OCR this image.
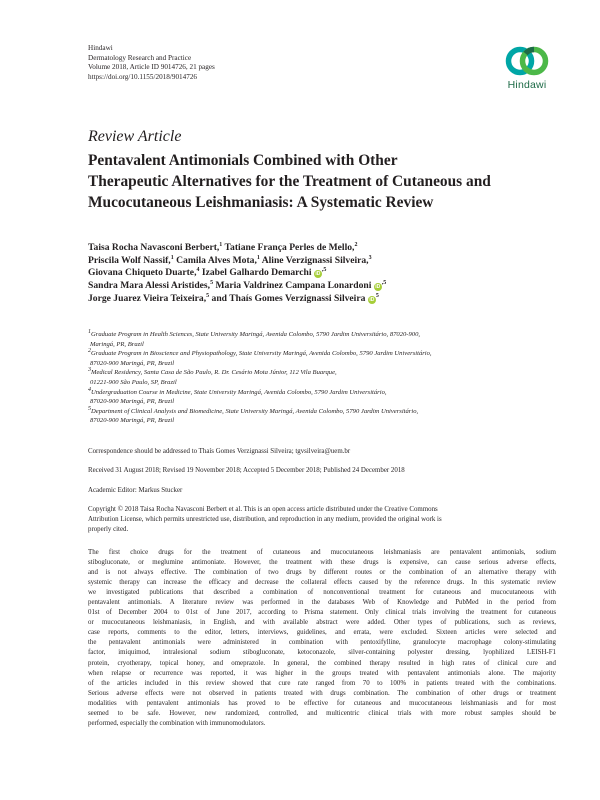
Hindawi
Dermatology Research and Practice
Volume 2018, Article ID 9014726, 21 pages
https://doi.org/10.1155/2018/9014726
Hindawi
Review Article
Pentavalent Antimonials Combined with Other
Therapeutic Alternatives for the Treatment of Cutaneous and
Mucocutaneous Leishmaniasis: A Systematic Review
Taisa Rocha Navasconi Berbert,$^1$ Tatiane França Perles de Mello,$^2$
Priscila Wolf Nassif,$^1$ Camila Alves Mota,$^1$ Aline Verzignassi Silveira,$^3$
Giovana Chiqueto Duarte,$^4$ Izabel Galhardo Demarchi $iD^{,5}$
Sandra Mara Alessi Aristides,$^5$ Maria Valdrinez Campana Lonardoni $iD^{,5}$
Jorge Juarez Vieira Teixeira,$^5$ and Thaís Gomes Verzignassi Silveira $iD^5$
$^1$Graduate Program in Health Sciences, State University Maringá, Avenida Colombo, 5790 Jardim Universitário, 87020-900,
Maringá, PR, Brazil
$^2$Graduate Program in Bioscience and Physiopathology, State University Maringá, Avenida Colombo, 5790 Jardim Universitário,
87020-900 Maringá, PR, Brazil
$^3$Medical Residency, Santa Casa de São Paulo, R. Dr. Cesário Mota Júnior, 112 Vila Buarque,
01221-900 São Paulo, SP, Brazil
$^4$Undergraduation Course in Medicine, State University Maringá, Avenida Colombo, 5790 Jardim Universitário,
87020-900 Maringá, PR, Brazil
$^5$Department of Clinical Analysis and Biomedicine, State University Maringá, Avenida Colombo, 5790 Jardim Universitário,
87020-900 Maringá, PR, Brazil
Correspondence should be addressed to Thaís Gomes Verzignassi Silveira; tgvsilveira@uem.br
Received 31 August 2018; Revised 19 November 2018; Accepted 5 December 2018; Published 24 December 2018
Academic Editor: Markus Stucker
Copyright © 2018 Taisa Rocha Navasconi Berbert et al. This is an open access article distributed under the Creative Commons
Attribution License, which permits unrestricted use, distribution, and reproduction in any medium, provided the original work is
properly cited.
The first choice drugs for the treatment of cutaneous and mucocutaneous leishmaniasis are pentavalent antimonials, sodium
stibogluconate, or meglumine antimoniate. However, the treatment with these drugs is expensive, can cause serious adverse effects,
and is not always effective. The combination of two drugs by different routes or the combination of an alternative therapy with
systemic therapy can increase the efficacy and decrease the collateral effects caused by the reference drugs. In this systematic review
we investigated publications that described a combination of nonconventional treatment for cutaneous and mucocutaneous with
pentavalent antimonials. A literature review was performed in the databases Web of Knowledge and PubMed in the period from
01st of December 2004 to 01st of June 2017, according to Prisma statement. Only clinical trials involving the treatment for cutaneous
or mucocutaneous leishmaniasis, in English, and with available abstract were added. Other types of publications, such as reviews,
case reports, comments to the editor, letters, interviews, guidelines, and errata, were excluded. Sixteen articles were selected and
the pentavalent antimonials were administered in combination with pentoxifylline, granulocyte macrophage colony-stimulating
factor, imiquimod, intralesional sodium stibogluconate, ketoconazole, silver-containing polyester dressing, lyophilized LEISH-F1
protein, cryotherapy, topical honey, and omeprazole. In general, the combined therapy resulted in high rates of clinical cure and
when relapse or recurrence was reported, it was higher in the groups treated with pentavalent antimonials alone. The majority
of the articles included in this review showed that cure rate ranged from 70 to 100% in patients treated with the combinations.
Serious adverse effects were not observed in patients treated with drugs combination. The combination of other drugs or treatment
modalities with pentavalent antimonials has proved to be effective for cutaneous and mucocutaneous leishmaniasis and for most
seemed to be safe. However, new randomized, controlled, and multicentric clinical trials with more robust samples should be
performed, especially the combination with immunomodulators.
